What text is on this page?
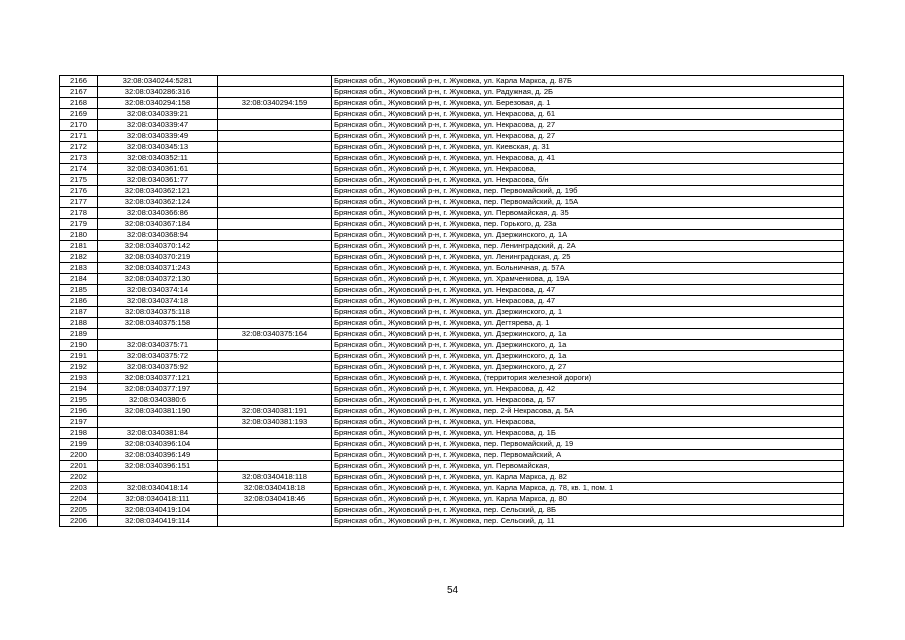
2166	32:08:0340244:5281		Брянская обл., Жуковский р-н, г. Жуковка, ул. Карла Маркса, д. 87Б
2167	32:08:0340286:316		Брянская обл., Жуковский р-н, г. Жуковка, ул. Радужная, д. 2Б
2168	32:08:0340294:158	32:08:0340294:159	Брянская обл., Жуковский р-н, г. Жуковка, ул. Березовая, д. 1
2169	32:08:0340339:21		Брянская обл., Жуковский р-н, г. Жуковка, ул. Некрасова, д. 61
2170	32:08:0340339:47		Брянская обл., Жуковский р-н, г. Жуковка, ул. Некрасова, д. 27
2171	32:08:0340339:49		Брянская обл., Жуковский р-н, г. Жуковка, ул. Некрасова, д. 27
2172	32:08:0340345:13		Брянская обл., Жуковский р-н, г. Жуковка, ул. Киевская, д. 31
2173	32:08:0340352:11		Брянская обл., Жуковский р-н, г. Жуковка, ул. Некрасова, д. 41
2174	32:08:0340361:61		Брянская обл., Жуковский р-н, г. Жуковка, ул. Некрасова,
2175	32:08:0340361:77		Брянская обл., Жуковский р-н, г. Жуковка, ул. Некрасова, б/н
2176	32:08:0340362:121		Брянская обл., Жуковский р-н, г. Жуковка, пер. Первомайский, д. 19б
2177	32:08:0340362:124		Брянская обл., Жуковский р-н, г. Жуковка, пер. Первомайский, д. 15А
2178	32:08:0340366:86		Брянская обл., Жуковский р-н, г. Жуковка, ул. Первомайская, д. 35
2179	32:08:0340367:184		Брянская обл., Жуковский р-н, г. Жуковка, пер. Горького, д. 23а
2180	32:08:0340368:94		Брянская обл., Жуковский р-н, г. Жуковка, ул. Дзержинского, д. 1А
2181	32:08:0340370:142		Брянская обл., Жуковский р-н, г. Жуковка, пер. Ленинградский, д. 2А
2182	32:08:0340370:219		Брянская обл., Жуковский р-н, г. Жуковка, ул. Ленинградская, д. 25
2183	32:08:0340371:243		Брянская обл., Жуковский р-н, г. Жуковка, ул. Больничная, д. 57А
2184	32:08:0340372:130		Брянская обл., Жуковский р-н, г. Жуковка, ул. Храмченкова, д. 19А
2185	32:08:0340374:14		Брянская обл., Жуковский р-н, г. Жуковка, ул. Некрасова, д. 47
2186	32:08:0340374:18		Брянская обл., Жуковский р-н, г. Жуковка, ул. Некрасова, д. 47
2187	32:08:0340375:118		Брянская обл., Жуковский р-н, г. Жуковка, ул. Дзержинского, д. 1
2188	32:08:0340375:158		Брянская обл., Жуковский р-н, г. Жуковка, ул. Дегтярева, д. 1
2189		32:08:0340375:164	Брянская обл., Жуковский р-н, г. Жуковка, ул. Дзержинского, д. 1а
2190	32:08:0340375:71		Брянская обл., Жуковский р-н, г. Жуковка, ул. Дзержинского, д. 1а
2191	32:08:0340375:72		Брянская обл., Жуковский р-н, г. Жуковка, ул. Дзержинского, д. 1а
2192	32:08:0340375:92		Брянская обл., Жуковский р-н, г. Жуковка, ул. Дзержинского, д. 27
2193	32:08:0340377:121		Брянская обл., Жуковский р-н, г. Жуковка, (территория железной дороги)
2194	32:08:0340377:197		Брянская обл., Жуковский р-н, г. Жуковка, ул. Некрасова, д. 42
2195	32:08:0340380:6		Брянская обл., Жуковский р-н, г. Жуковка, ул. Некрасова, д. 57
2196	32:08:0340381:190	32:08:0340381:191	Брянская обл., Жуковский р-н, г. Жуковка, пер. 2-й Некрасова, д. 5А
2197		32:08:0340381:193	Брянская обл., Жуковский р-н, г. Жуковка, ул. Некрасова,
2198	32:08:0340381:84		Брянская обл., Жуковский р-н, г. Жуковка, ул. Некрасова, д. 1Б
2199	32:08:0340396:104		Брянская обл., Жуковский р-н, г. Жуковка, пер. Первомайский, д. 19
2200	32:08:0340396:149		Брянская обл., Жуковский р-н, г. Жуковка, пер. Первомайский, А
2201	32:08:0340396:151		Брянская обл., Жуковский р-н, г. Жуковка, ул. Первомайская,
2202		32:08:0340418:118	Брянская обл., Жуковский р-н, г. Жуковка, ул. Карла Маркса, д. 82
2203	32:08:0340418:14	32:08:0340418:18	Брянская обл., Жуковский р-н, г. Жуковка, ул. Карла Маркса, д. 78, кв. 1, пом. 1
2204	32:08:0340418:111	32:08:0340418:46	Брянская обл., Жуковский р-н, г. Жуковка, ул. Карла Маркса, д. 80
2205	32:08:0340419:104		Брянская обл., Жуковский р-н, г. Жуковка, пер. Сельский, д. 8Б
2206	32:08:0340419:114		Брянская обл., Жуковский р-н, г. Жуковка, пер. Сельский, д. 11
54
